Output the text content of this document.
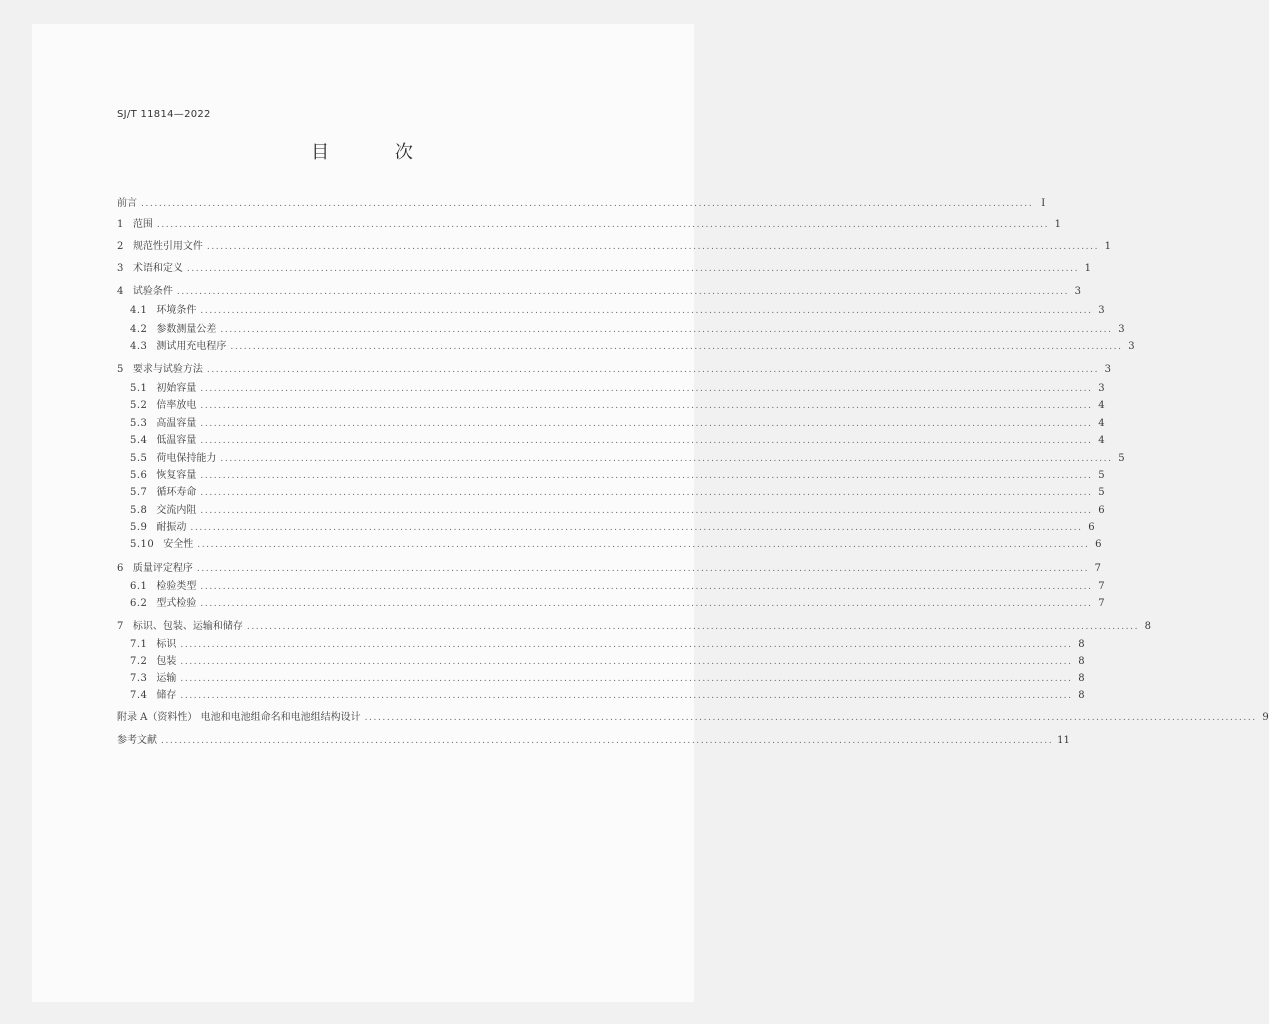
SJ/T 11814—2022
目 次
前言 ........................................................................................................................................................................................................ I
1 范围 ........................................................................................................................................................................................................ 1
2 规范性引用文件 ........................................................................................................................................................................................................ 1
3 术语和定义 ........................................................................................................................................................................................................ 1
4 试验条件 ........................................................................................................................................................................................................ 3
4.1 环境条件 ........................................................................................................................................................................................................ 3
4.2 参数测量公差 ........................................................................................................................................................................................................ 3
4.3 测试用充电程序 ........................................................................................................................................................................................................ 3
5 要求与试验方法 ........................................................................................................................................................................................................ 3
5.1 初始容量 ........................................................................................................................................................................................................ 3
5.2 倍率放电 ........................................................................................................................................................................................................ 4
5.3 高温容量 ........................................................................................................................................................................................................ 4
5.4 低温容量 ........................................................................................................................................................................................................ 4
5.5 荷电保持能力 ........................................................................................................................................................................................................ 5
5.6 恢复容量 ........................................................................................................................................................................................................ 5
5.7 循环寿命 ........................................................................................................................................................................................................ 5
5.8 交流内阻 ........................................................................................................................................................................................................ 6
5.9 耐振动 ........................................................................................................................................................................................................ 6
5.10 安全性 ........................................................................................................................................................................................................ 6
6 质量评定程序 ........................................................................................................................................................................................................ 7
6.1 检验类型 ........................................................................................................................................................................................................ 7
6.2 型式检验 ........................................................................................................................................................................................................ 7
7 标识、包装、运输和储存 ........................................................................................................................................................................................................ 8
7.1 标识 ........................................................................................................................................................................................................ 8
7.2 包装 ........................................................................................................................................................................................................ 8
7.3 运输 ........................................................................................................................................................................................................ 8
7.4 储存 ........................................................................................................................................................................................................ 8
附录 A（资料性） 电池和电池组命名和电池组结构设计 ........................................................................................................................................................................................................ 9
参考文献 ........................................................................................................................................................................................................ 11
